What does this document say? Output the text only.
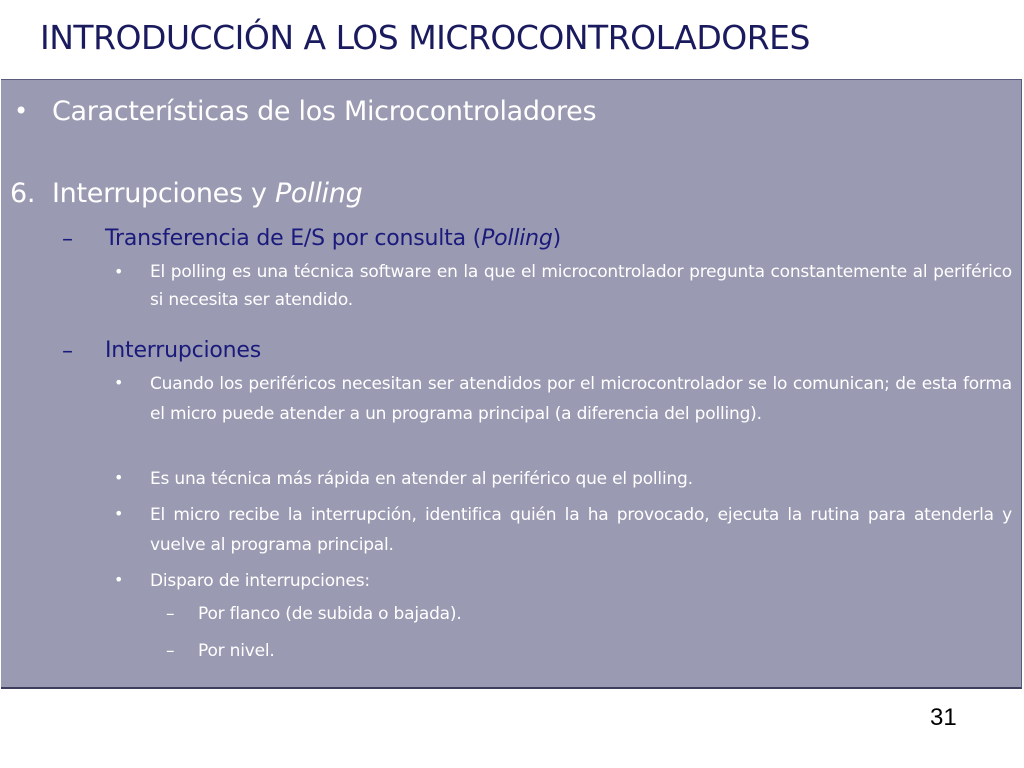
INTRODUCCIÓN A LOS MICROCONTROLADORES
• Características de los Microcontroladores
6. Interrupciones y Polling
– Transferencia de E/S por consulta (Polling)
• El polling es una técnica software en la que el microcontrolador pregunta constantemente al periférico si necesita ser atendido.
– Interrupciones
• Cuando los periféricos necesitan ser atendidos por el microcontrolador se lo comunican; de esta forma el micro puede atender a un programa principal (a diferencia del polling).
• Es una técnica más rápida en atender al periférico que el polling.
• El micro recibe la interrupción, identifica quién la ha provocado, ejecuta la rutina para atenderla y vuelve al programa principal.
• Disparo de interrupciones:
– Por flanco (de subida o bajada).
– Por nivel.
31
